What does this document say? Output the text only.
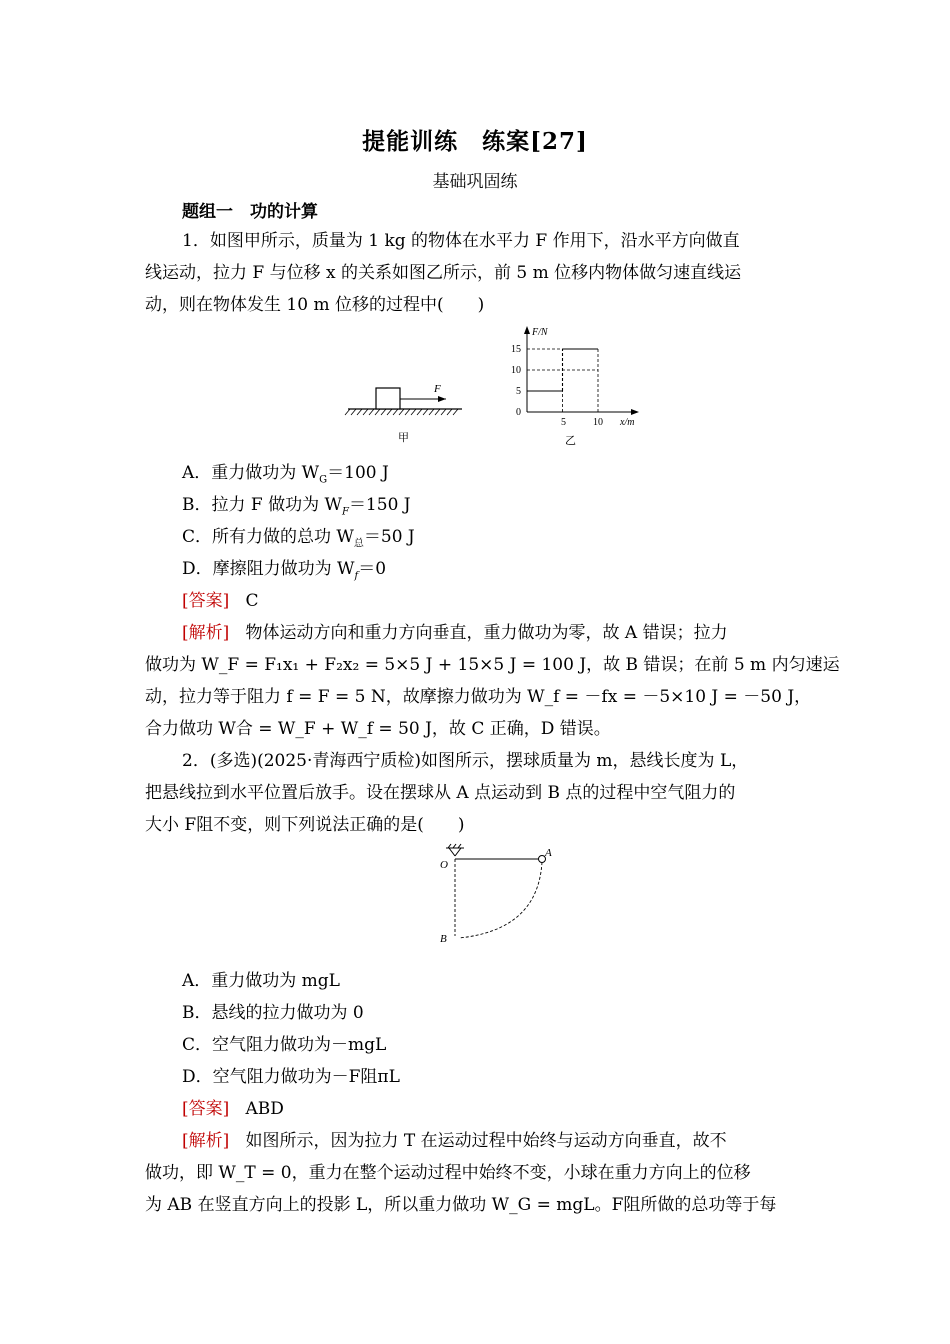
提能训练　练案[27]
基础巩固练
题组一　功的计算
1．如图甲所示，质量为 1 kg 的物体在水平力 F 作用下，沿水平方向做直
线运动，拉力 F 与位移 x 的关系如图乙所示，前 5 m 位移内物体做匀速直线运
动，则在物体发生 10 m 位移的过程中(　　)
F
甲
F/N
x/m
15
10
5
0
5	10
乙
A．重力做功为 $W_G=100$ J
B．拉力 F 做功为 $W_F=150$ J
C．所有力做的总功 $W_总=50$ J
D．摩擦阻力做功为 $W_f=0$
[答案] C
[解析] 物体运动方向和重力方向垂直，重力做功为零，故 A 错误；拉力
做功为 W_F = F₁x₁ + F₂x₂ = 5×5 J + 15×5 J = 100 J，故 B 错误；在前 5 m 内匀速运
动，拉力等于阻力 f = F = 5 N，故摩擦力做功为 W_f = －fx = －5×10 J = －50 J，
合力做功 W合 = W_F + W_f = 50 J，故 C 正确，D 错误。
2．(多选)(2025·青海西宁质检)如图所示，摆球质量为 m，悬线长度为 L，
把悬线拉到水平位置后放手。设在摆球从 A 点运动到 B 点的过程中空气阻力的
大小 F阻不变，则下列说法正确的是(　　)
O
A
B
A．重力做功为 mgL
B．悬线的拉力做功为 0
C．空气阻力做功为－mgL
D．空气阻力做功为－F阻πL
[答案] ABD
[解析] 如图所示，因为拉力 T 在运动过程中始终与运动方向垂直，故不
做功，即 W_T = 0，重力在整个运动过程中始终不变，小球在重力方向上的位移
为 AB 在竖直方向上的投影 L，所以重力做功 W_G = mgL。F阻所做的总功等于每
